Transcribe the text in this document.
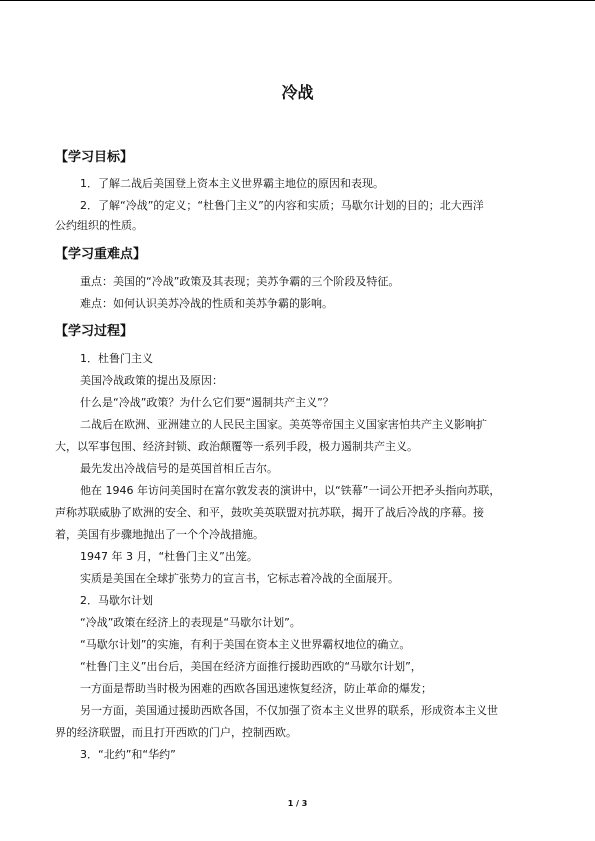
冷战
【学习目标】
1．了解二战后美国登上资本主义世界霸主地位的原因和表现。
2．了解“冷战”的定义；“杜鲁门主义”的内容和实质；马歇尔计划的目的；北大西洋
公约组织的性质。
【学习重难点】
重点：美国的“冷战”政策及其表现；美苏争霸的三个阶段及特征。
难点：如何认识美苏冷战的性质和美苏争霸的影响。
【学习过程】
1．杜鲁门主义
美国冷战政策的提出及原因：
什么是“冷战”政策？为什么它们要“遏制共产主义”？
二战后在欧洲、亚洲建立的人民民主国家。美英等帝国主义国家害怕共产主义影响扩
大，以军事包围、经济封锁、政治颠覆等一系列手段，极力遏制共产主义。
最先发出冷战信号的是英国首相丘吉尔。
他在 1946 年访问美国时在富尔敦发表的演讲中，以“铁幕”一词公开把矛头指向苏联，
声称苏联威胁了欧洲的安全、和平，鼓吹美英联盟对抗苏联，揭开了战后冷战的序幕。接
着，美国有步骤地抛出了一个个冷战措施。
1947 年 3 月，“杜鲁门主义”出笼。
实质是美国在全球扩张势力的宣言书，它标志着冷战的全面展开。
2．马歇尔计划
“冷战”政策在经济上的表现是“马歇尔计划”。
“马歇尔计划”的实施，有利于美国在资本主义世界霸权地位的确立。
“杜鲁门主义”出台后，美国在经济方面推行援助西欧的“马歇尔计划”，
一方面是帮助当时极为困难的西欧各国迅速恢复经济，防止革命的爆发；
另一方面，美国通过援助西欧各国，不仅加强了资本主义世界的联系，形成资本主义世
界的经济联盟，而且打开西欧的门户，控制西欧。
3．“北约”和“华约”
1 / 3
